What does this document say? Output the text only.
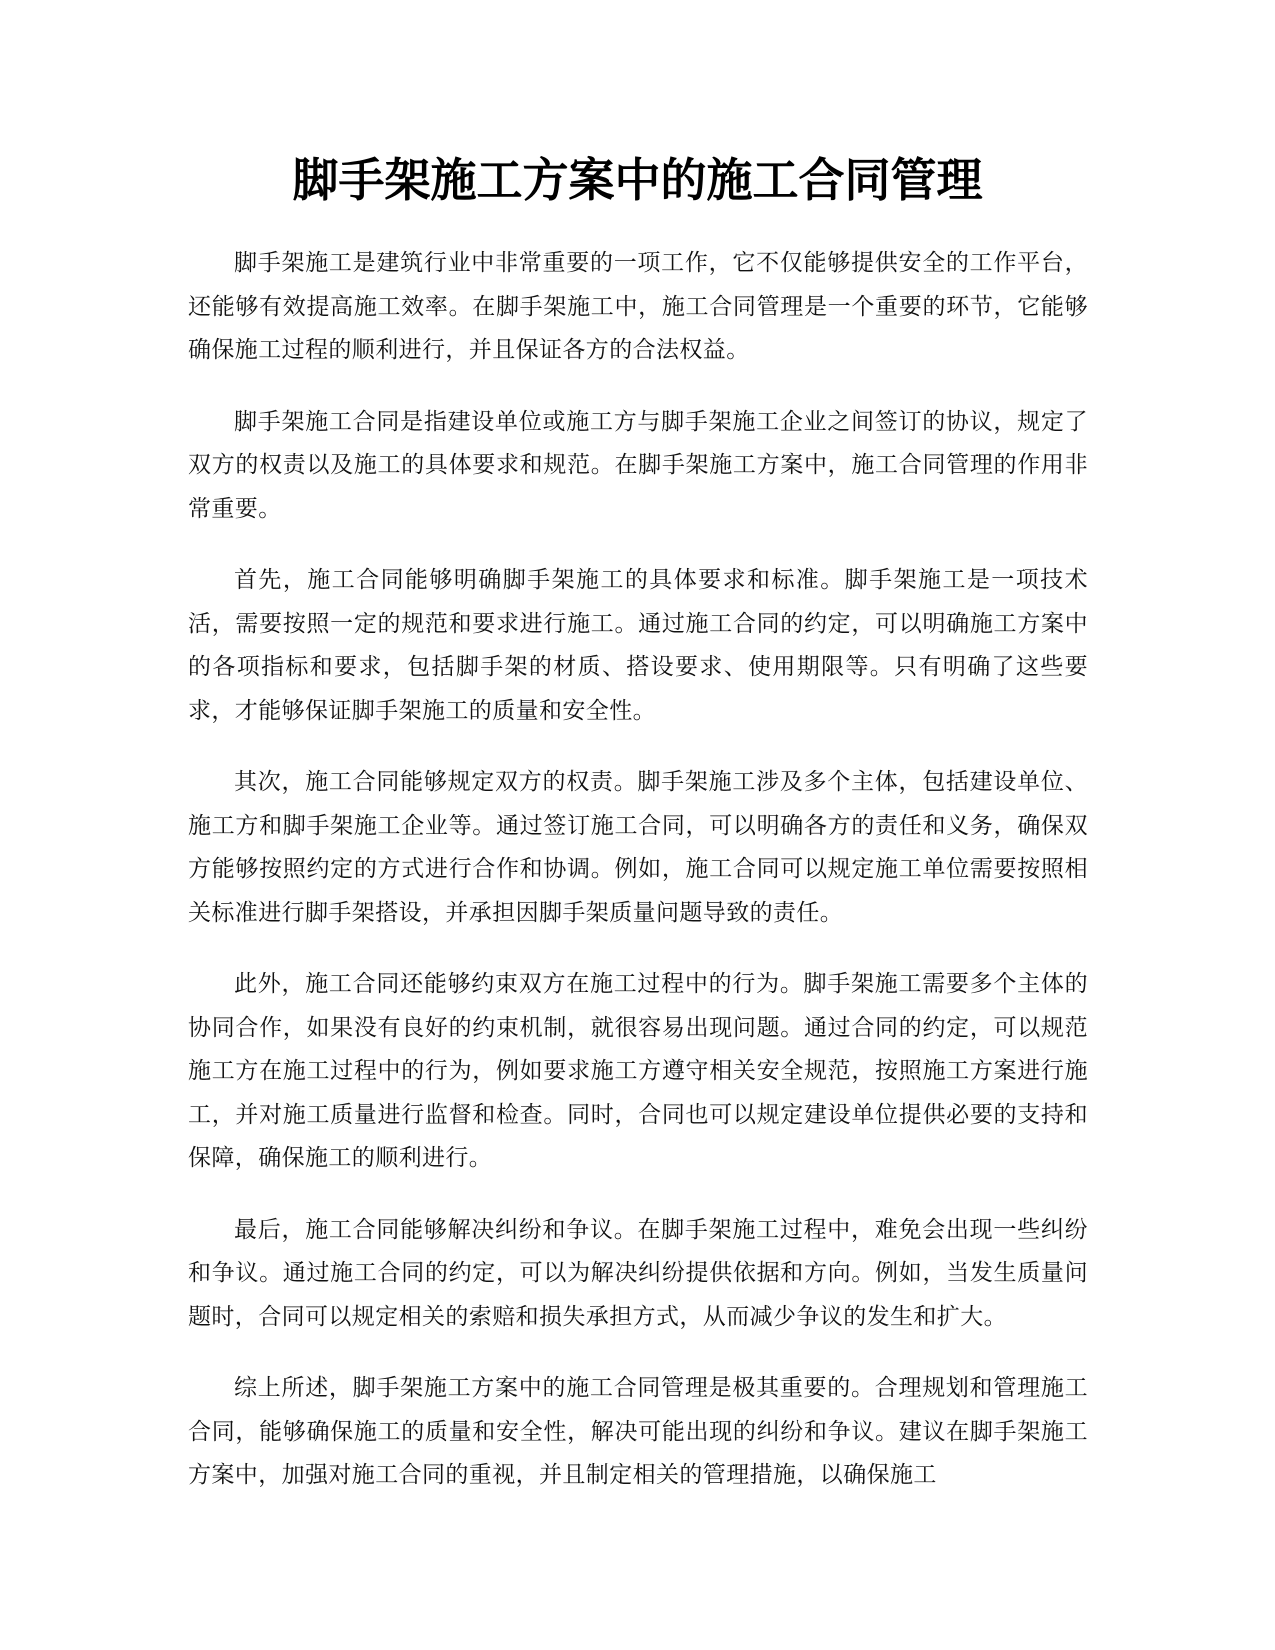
脚手架施工方案中的施工合同管理

脚手架施工是建筑行业中非常重要的一项工作，它不仅能够提供安全的工作平台，还能够有效提高施工效率。在脚手架施工中，施工合同管理是一个重要的环节，它能够确保施工过程的顺利进行，并且保证各方的合法权益。

脚手架施工合同是指建设单位或施工方与脚手架施工企业之间签订的协议，规定了双方的权责以及施工的具体要求和规范。在脚手架施工方案中，施工合同管理的作用非常重要。

首先，施工合同能够明确脚手架施工的具体要求和标准。脚手架施工是一项技术活，需要按照一定的规范和要求进行施工。通过施工合同的约定，可以明确施工方案中的各项指标和要求，包括脚手架的材质、搭设要求、使用期限等。只有明确了这些要求，才能够保证脚手架施工的质量和安全性。

其次，施工合同能够规定双方的权责。脚手架施工涉及多个主体，包括建设单位、施工方和脚手架施工企业等。通过签订施工合同，可以明确各方的责任和义务，确保双方能够按照约定的方式进行合作和协调。例如，施工合同可以规定施工单位需要按照相关标准进行脚手架搭设，并承担因脚手架质量问题导致的责任。

此外，施工合同还能够约束双方在施工过程中的行为。脚手架施工需要多个主体的协同合作，如果没有良好的约束机制，就很容易出现问题。通过合同的约定，可以规范施工方在施工过程中的行为，例如要求施工方遵守相关安全规范，按照施工方案进行施工，并对施工质量进行监督和检查。同时，合同也可以规定建设单位提供必要的支持和保障，确保施工的顺利进行。

最后，施工合同能够解决纠纷和争议。在脚手架施工过程中，难免会出现一些纠纷和争议。通过施工合同的约定，可以为解决纠纷提供依据和方向。例如，当发生质量问题时，合同可以规定相关的索赔和损失承担方式，从而减少争议的发生和扩大。

综上所述，脚手架施工方案中的施工合同管理是极其重要的。合理规划和管理施工合同，能够确保施工的质量和安全性，解决可能出现的纠纷和争议。建议在脚手架施工方案中，加强对施工合同的重视，并且制定相关的管理措施，以确保施工
